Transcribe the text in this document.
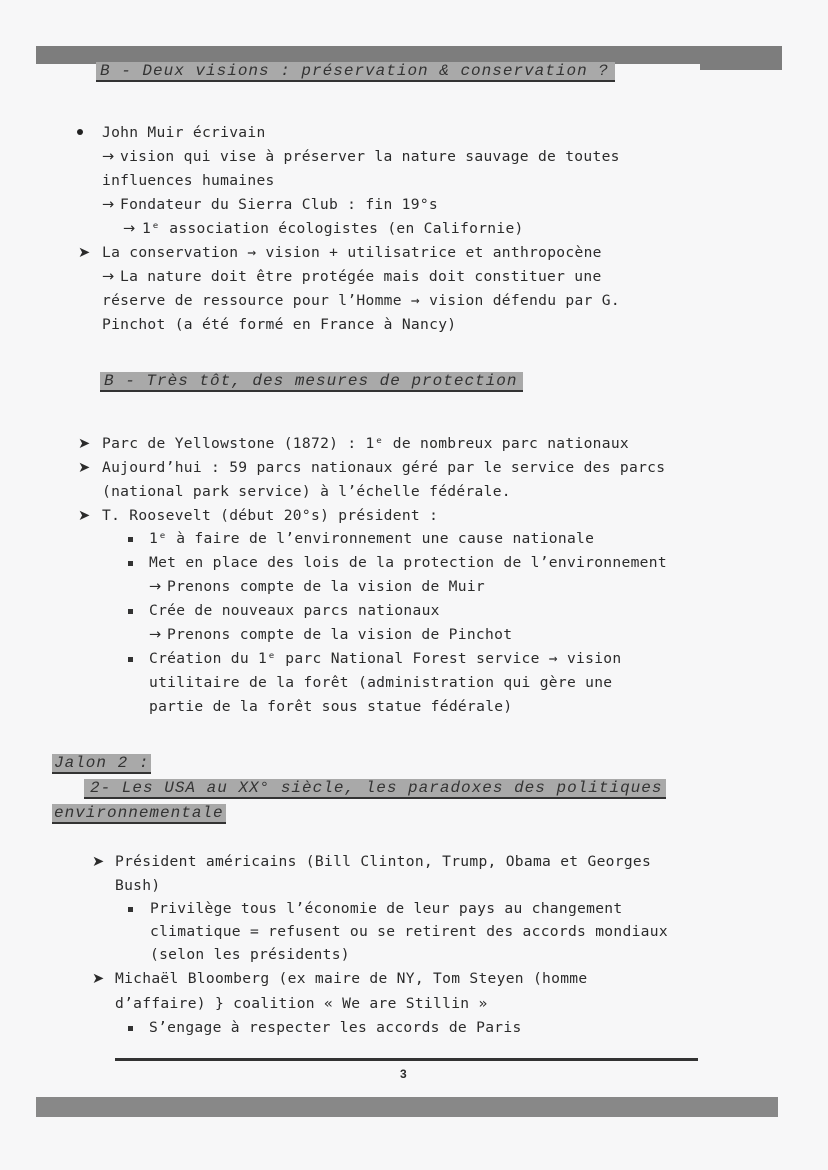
B - Deux visions : préservation & conservation ?
John Muir écrivain
→ vision qui vise à préserver la nature sauvage de toutes
influences humaines
→ Fondateur du Sierra Club : fin 19°s
→ 1ᵉ association écologistes (en Californie)
➤ La conservation → vision + utilisatrice et anthropocène
→ La nature doit être protégée mais doit constituer une
réserve de ressource pour l’Homme → vision défendu par G.
Pinchot (a été formé en France à Nancy)
B - Très tôt, des mesures de protection
➤ Parc de Yellowstone (1872) : 1ᵉ de nombreux parc nationaux
➤ Aujourd’hui : 59 parcs nationaux géré par le service des parcs
(national park service) à l’échelle fédérale.
➤ T. Roosevelt (début 20°s) président :
1ᵉ à faire de l’environnement une cause nationale
Met en place des lois de la protection de l’environnement
→ Prenons compte de la vision de Muir
Crée de nouveaux parcs nationaux
→ Prenons compte de la vision de Pinchot
Création du 1ᵉ parc National Forest service → vision
utilitaire de la forêt (administration qui gère une
partie de la forêt sous statue fédérale)
Jalon 2 :
2- Les USA au XX° siècle, les paradoxes des politiques
environnementale
➤ Président américains (Bill Clinton, Trump, Obama et Georges
Bush)
Privilège tous l’économie de leur pays au changement
climatique = refusent ou se retirent des accords mondiaux
(selon les présidents)
➤ Michaël Bloomberg (ex maire de NY, Tom Steyen (homme
d’affaire) } coalition « We are Stillin »
S’engage à respecter les accords de Paris
3
